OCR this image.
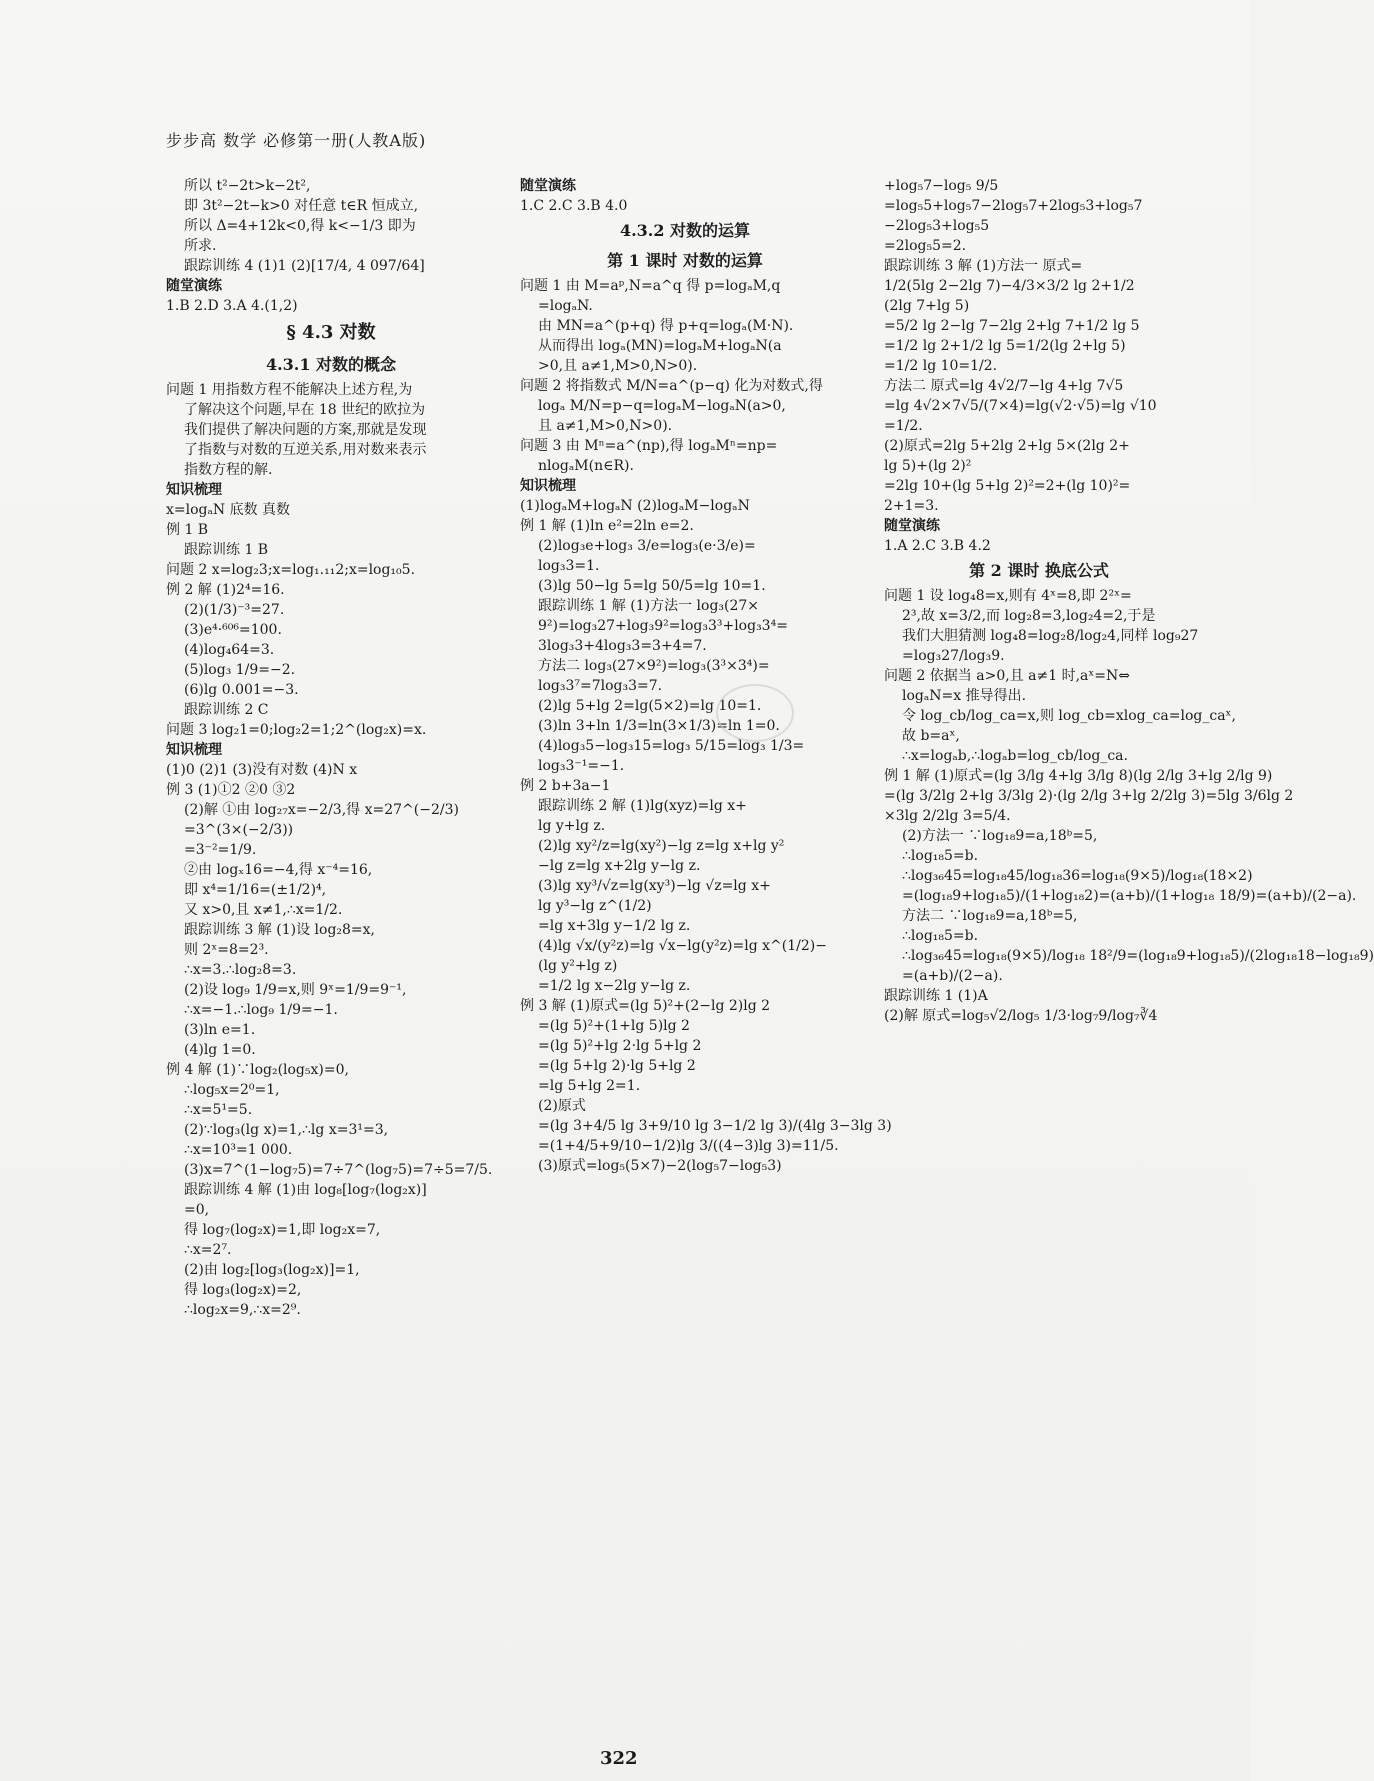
步步高 数学 必修第一册(人教A版)
所以 t²−2t>k−2t²,
即 3t²−2t−k>0 对任意 t∈R 恒成立,
所以 Δ=4+12k<0,得 k<−1/3 即为
所求.
跟踪训练 4 (1)1 (2)[17/4, 4 097/64]
随堂演练
1.B 2.D 3.A 4.(1,2)
§ 4.3 对数
4.3.1 对数的概念
问题 1 用指数方程不能解决上述方程,为
了解决这个问题,早在 18 世纪的欧拉为
我们提供了解决问题的方案,那就是发现
了指数与对数的互逆关系,用对数来表示
指数方程的解.
知识梳理
x=logₐN 底数 真数
例 1 B
跟踪训练 1 B
问题 2 x=log₂3;x=log₁.₁₁2;x=log₁₀5.
例 2 解 (1)2⁴=16.
(2)(1/3)⁻³=27.
(3)e⁴·⁶⁰⁶=100.
(4)log₄64=3.
(5)log₃ 1/9=−2.
(6)lg 0.001=−3.
跟踪训练 2 C
问题 3 log₂1=0;log₂2=1;2^(log₂x)=x.
知识梳理
(1)0 (2)1 (3)没有对数 (4)N x
例 3 (1)①2 ②0 ③2
(2)解 ①由 log₂₇x=−2/3,得 x=27^(−2/3)
=3^(3×(−2/3))
=3⁻²=1/9.
②由 logₓ16=−4,得 x⁻⁴=16,
即 x⁴=1/16=(±1/2)⁴,
又 x>0,且 x≠1,∴x=1/2.
跟踪训练 3 解 (1)设 log₂8=x,
则 2ˣ=8=2³.
∴x=3.∴log₂8=3.
(2)设 log₉ 1/9=x,则 9ˣ=1/9=9⁻¹,
∴x=−1.∴log₉ 1/9=−1.
(3)ln e=1.
(4)lg 1=0.
例 4 解 (1)∵log₂(log₅x)=0,
∴log₅x=2⁰=1,
∴x=5¹=5.
(2)∵log₃(lg x)=1,∴lg x=3¹=3,
∴x=10³=1 000.
(3)x=7^(1−log₇5)=7÷7^(log₇5)=7÷5=7/5.
跟踪训练 4 解 (1)由 log₈[log₇(log₂x)]
=0,
得 log₇(log₂x)=1,即 log₂x=7,
∴x=2⁷.
(2)由 log₂[log₃(log₂x)]=1,
得 log₃(log₂x)=2,
∴log₂x=9,∴x=2⁹.
随堂演练
1.C 2.C 3.B 4.0
4.3.2 对数的运算
第 1 课时 对数的运算
问题 1 由 M=aᵖ,N=a^q 得 p=logₐM,q
=logₐN.
由 MN=a^(p+q) 得 p+q=logₐ(M·N).
从而得出 logₐ(MN)=logₐM+logₐN(a
>0,且 a≠1,M>0,N>0).
问题 2 将指数式 M/N=a^(p−q) 化为对数式,得
logₐ M/N=p−q=logₐM−logₐN(a>0,
且 a≠1,M>0,N>0).
问题 3 由 Mⁿ=a^(np),得 logₐMⁿ=np=
nlogₐM(n∈R).
知识梳理
(1)logₐM+logₐN (2)logₐM−logₐN
例 1 解 (1)ln e²=2ln e=2.
(2)log₃e+log₃ 3/e=log₃(e·3/e)=
log₃3=1.
(3)lg 50−lg 5=lg 50/5=lg 10=1.
跟踪训练 1 解 (1)方法一 log₃(27×
9²)=log₃27+log₃9²=log₃3³+log₃3⁴=
3log₃3+4log₃3=3+4=7.
方法二 log₃(27×9²)=log₃(3³×3⁴)=
log₃3⁷=7log₃3=7.
(2)lg 5+lg 2=lg(5×2)=lg 10=1.
(3)ln 3+ln 1/3=ln(3×1/3)=ln 1=0.
(4)log₃5−log₃15=log₃ 5/15=log₃ 1/3=
log₃3⁻¹=−1.
例 2 b+3a−1
跟踪训练 2 解 (1)lg(xyz)=lg x+
lg y+lg z.
(2)lg xy²/z=lg(xy²)−lg z=lg x+lg y²
−lg z=lg x+2lg y−lg z.
(3)lg xy³/√z=lg(xy³)−lg √z=lg x+
lg y³−lg z^(1/2)
=lg x+3lg y−1/2 lg z.
(4)lg √x/(y²z)=lg √x−lg(y²z)=lg x^(1/2)−
(lg y²+lg z)
=1/2 lg x−2lg y−lg z.
例 3 解 (1)原式=(lg 5)²+(2−lg 2)lg 2
=(lg 5)²+(1+lg 5)lg 2
=(lg 5)²+lg 2·lg 5+lg 2
=(lg 5+lg 2)·lg 5+lg 2
=lg 5+lg 2=1.
(2)原式
=(lg 3+4/5 lg 3+9/10 lg 3−1/2 lg 3)/(4lg 3−3lg 3)
=(1+4/5+9/10−1/2)lg 3/((4−3)lg 3)=11/5.
(3)原式=log₅(5×7)−2(log₅7−log₅3)
+log₅7−log₅ 9/5
=log₅5+log₅7−2log₅7+2log₅3+log₅7
−2log₅3+log₅5
=2log₅5=2.
跟踪训练 3 解 (1)方法一 原式=
1/2(5lg 2−2lg 7)−4/3×3/2 lg 2+1/2
(2lg 7+lg 5)
=5/2 lg 2−lg 7−2lg 2+lg 7+1/2 lg 5
=1/2 lg 2+1/2 lg 5=1/2(lg 2+lg 5)
=1/2 lg 10=1/2.
方法二 原式=lg 4√2/7−lg 4+lg 7√5
=lg 4√2×7√5/(7×4)=lg(√2·√5)=lg √10
=1/2.
(2)原式=2lg 5+2lg 2+lg 5×(2lg 2+
lg 5)+(lg 2)²
=2lg 10+(lg 5+lg 2)²=2+(lg 10)²=
2+1=3.
随堂演练
1.A 2.C 3.B 4.2
第 2 课时 换底公式
问题 1 设 log₄8=x,则有 4ˣ=8,即 2²ˣ=
2³,故 x=3/2,而 log₂8=3,log₂4=2,于是
我们大胆猜测 log₄8=log₂8/log₂4,同样 log₉27
=log₃27/log₃9.
问题 2 依据当 a>0,且 a≠1 时,aˣ=N⇔
logₐN=x 推导得出.
令 log_cb/log_ca=x,则 log_cb=xlog_ca=log_caˣ,
故 b=aˣ,
∴x=logₐb,∴logₐb=log_cb/log_ca.
例 1 解 (1)原式=(lg 3/lg 4+lg 3/lg 8)(lg 2/lg 3+lg 2/lg 9)
=(lg 3/2lg 2+lg 3/3lg 2)·(lg 2/lg 3+lg 2/2lg 3)=5lg 3/6lg 2
×3lg 2/2lg 3=5/4.
(2)方法一 ∵log₁₈9=a,18ᵇ=5,
∴log₁₈5=b.
∴log₃₆45=log₁₈45/log₁₈36=log₁₈(9×5)/log₁₈(18×2)
=(log₁₈9+log₁₈5)/(1+log₁₈2)=(a+b)/(1+log₁₈ 18/9)=(a+b)/(2−a).
方法二 ∵log₁₈9=a,18ᵇ=5,
∴log₁₈5=b.
∴log₃₆45=log₁₈(9×5)/log₁₈ 18²/9=(log₁₈9+log₁₈5)/(2log₁₈18−log₁₈9)
=(a+b)/(2−a).
跟踪训练 1 (1)A
(2)解 原式=log₅√2/log₅ 1/3·log₇9/log₇∛4
322
